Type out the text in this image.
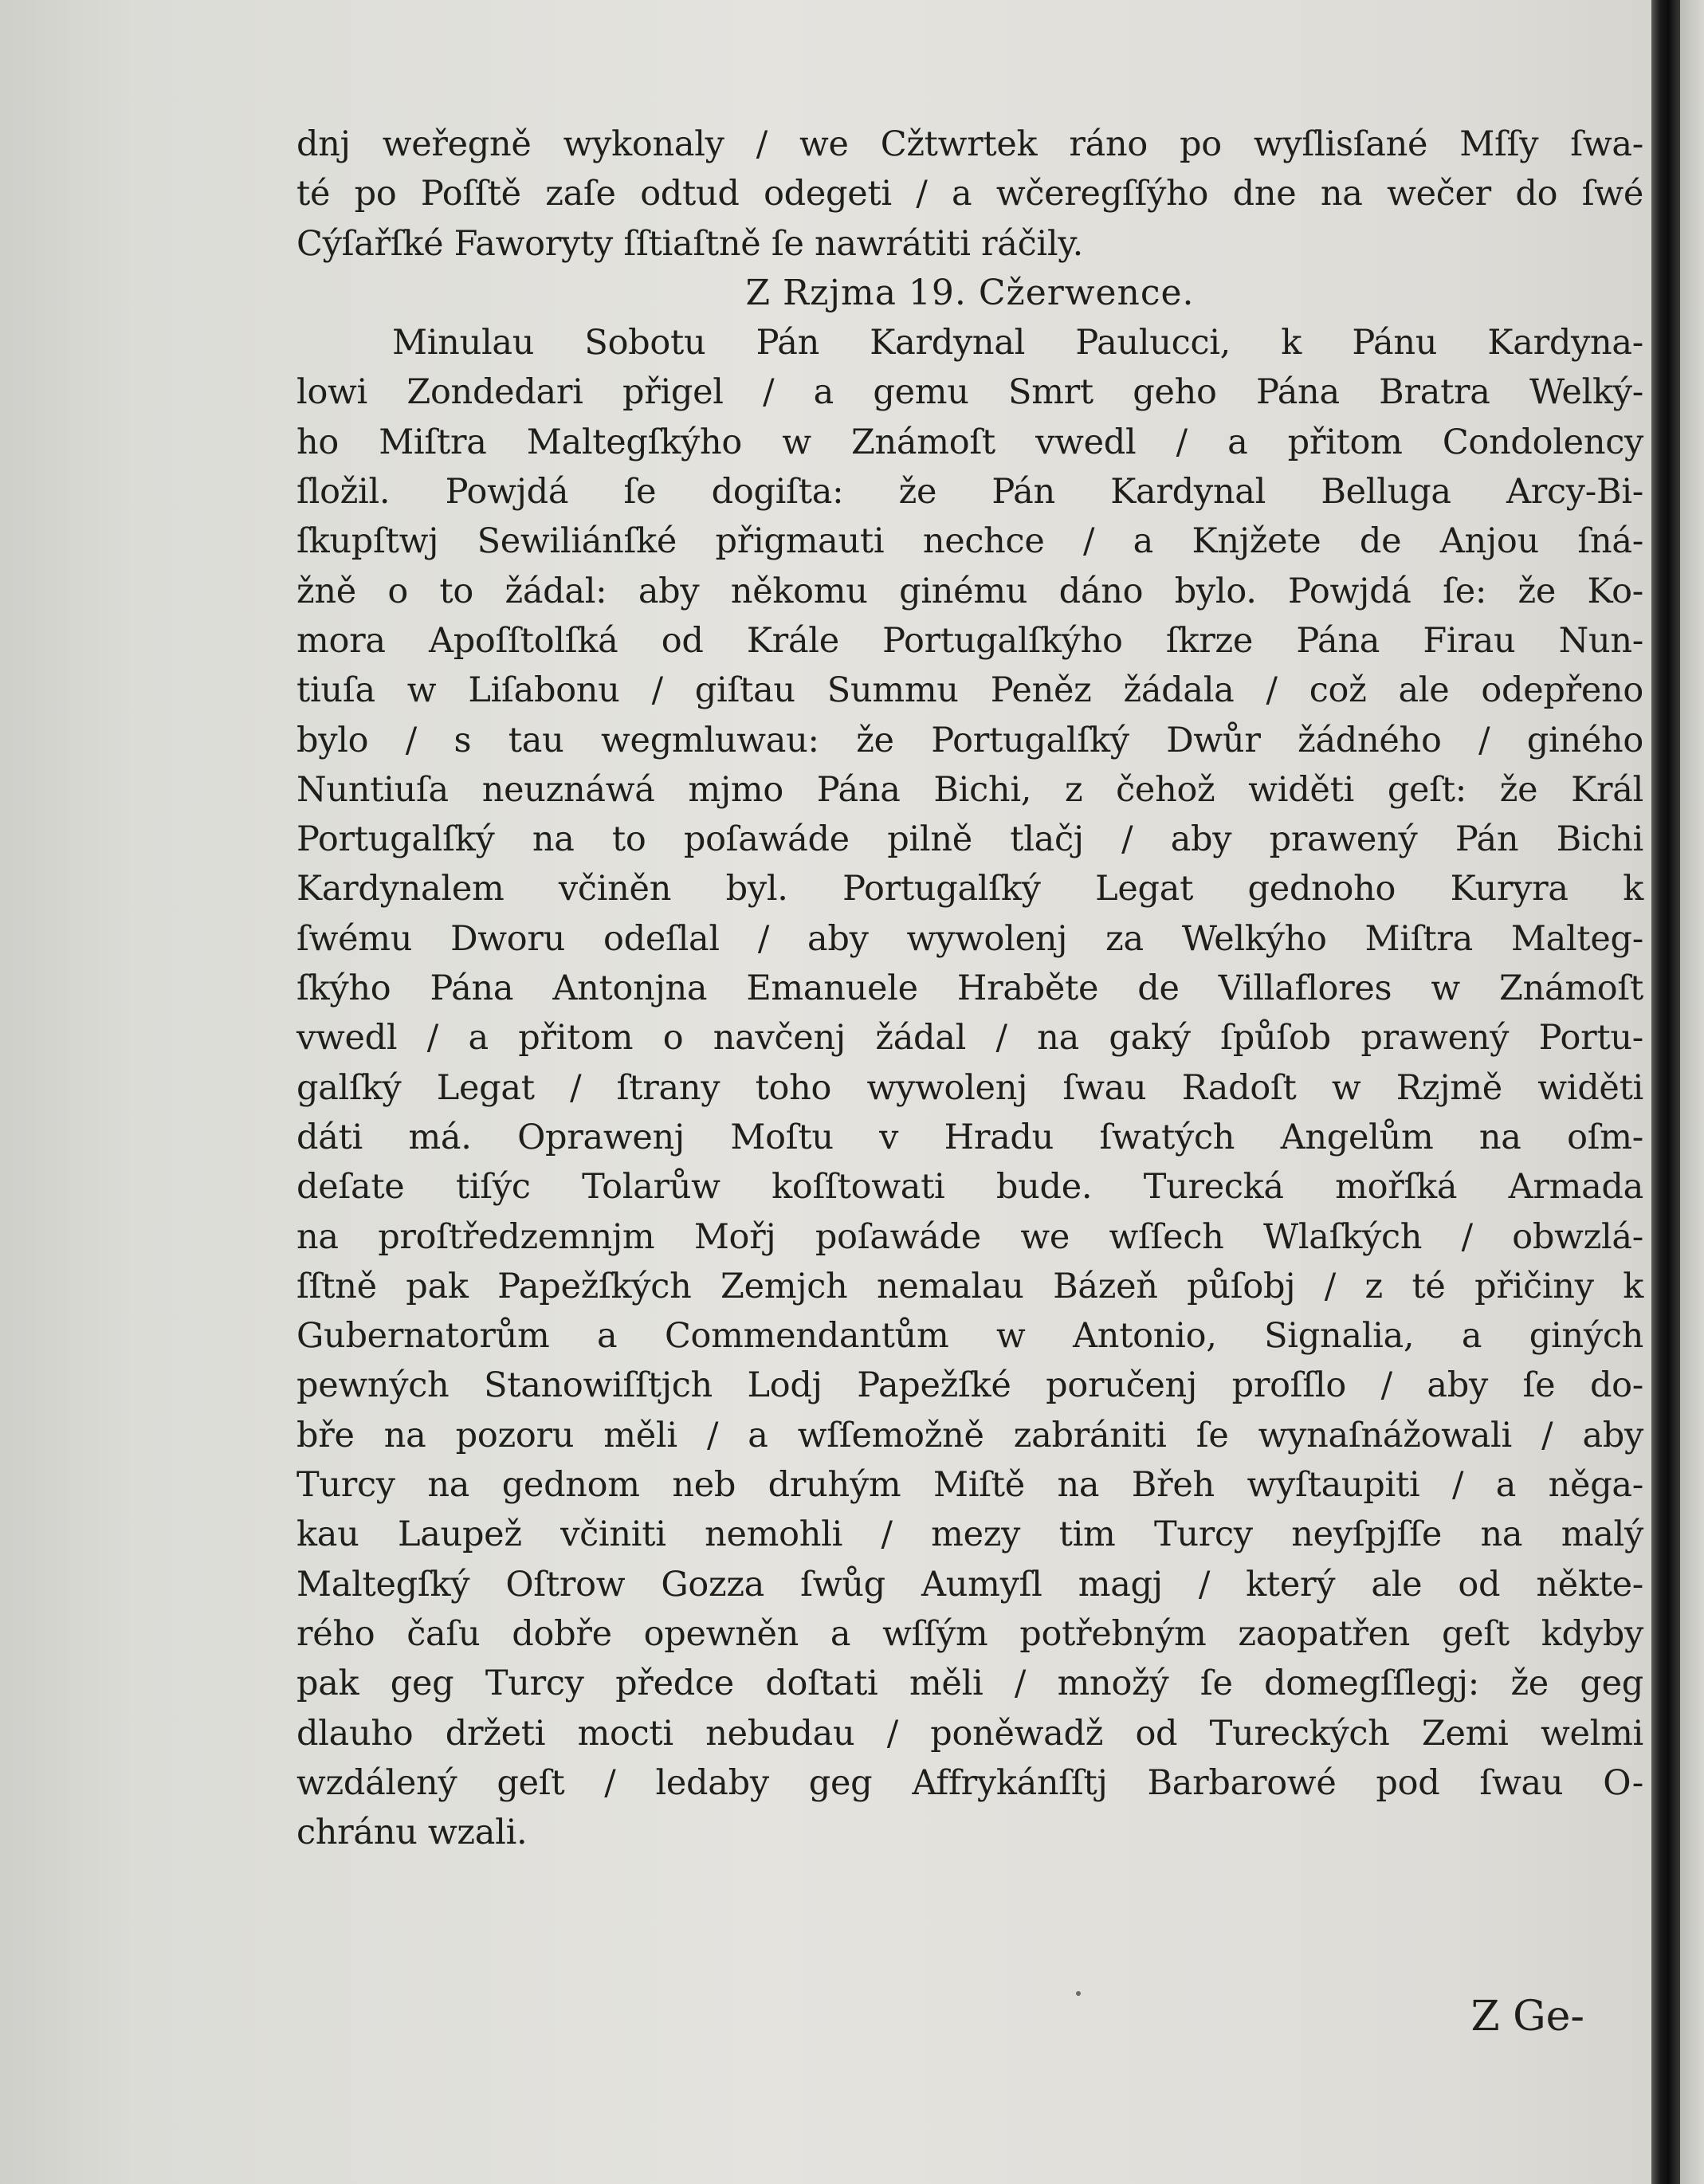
dnj weřegně wykonaly / we Cžtwrtek ráno po wyſlisſané Mſſy ſwa-
té po Poſſtě zaſe odtud odegeti / a wčeregſſýho dne na wečer do ſwé
Cýſařſké Faworyty ſſtiaſtně ſe nawrátiti ráčily.
Z Rzjma 19. Cžerwence.
Minulau Sobotu Pán Kardynal Paulucci, k Pánu Kardyna-
lowi Zondedari přigel / a gemu Smrt geho Pána Bratra Welký-
ho Miſtra Maltegſkýho w Známoſt vwedl / a přitom Condolency
ſložil. Powjdá ſe dogiſta: že Pán Kardynal Belluga Arcy-Bi-
ſkupſtwj Sewiliánſké přigmauti nechce / a Knjžete de Anjou ſná-
žně o to žádal: aby někomu ginému dáno bylo. Powjdá ſe: že Ko-
mora Apoſſtolſká od Krále Portugalſkýho ſkrze Pána Firau Nun-
tiuſa w Liſabonu / giſtau Summu Peněz žádala / což ale odepřeno
bylo / s tau wegmluwau: že Portugalſký Dwůr žádného / giného
Nuntiuſa neuznáwá mjmo Pána Bichi, z čehož widěti geſt: že Král
Portugalſký na to poſawáde pilně tlačj / aby prawený Pán Bichi
Kardynalem včiněn byl. Portugalſký Legat gednoho Kuryra k
ſwému Dworu odeſlal / aby wywolenj za Welkýho Miſtra Malteg-
ſkýho Pána Antonjna Emanuele Hraběte de Villaflores w Známoſt
vwedl / a přitom o navčenj žádal / na gaký ſpůſob prawený Portu-
galſký Legat / ſtrany toho wywolenj ſwau Radoſt w Rzjmě widěti
dáti má. Oprawenj Moſtu v Hradu ſwatých Angelům na oſm-
deſate tiſýc Tolarůw koſſtowati bude. Turecká mořſká Armada
na proſtředzemnjm Mořj poſawáde we wſſech Wlaſkých / obwzlá-
ſſtně pak Papežſkých Zemjch nemalau Bázeň půſobj / z té přičiny k
Gubernatorům a Commendantům w Antonio, Signalia, a giných
pewných Stanowiſſtjch Lodj Papežſké poručenj proſſlo / aby ſe do-
bře na pozoru měli / a wſſemožně zabrániti ſe wynaſnážowali / aby
Turcy na gednom neb druhým Miſtě na Břeh wyſtaupiti / a něga-
kau Laupež včiniti nemohli / mezy tim Turcy neyſpjſſe na malý
Maltegſký Oſtrow Gozza ſwůg Aumyſl magj / který ale od někte-
rého čaſu dobře opewněn a wſſým potřebným zaopatřen geſt kdyby
pak geg Turcy předce doſtati měli / množý ſe domegſſlegj: že geg
dlauho držeti mocti nebudau / poněwadž od Tureckých Zemi welmi
wzdálený geſt / ledaby geg Affrykánſſtj Barbarowé pod ſwau O-
chránu wzali.
Z Ge-
